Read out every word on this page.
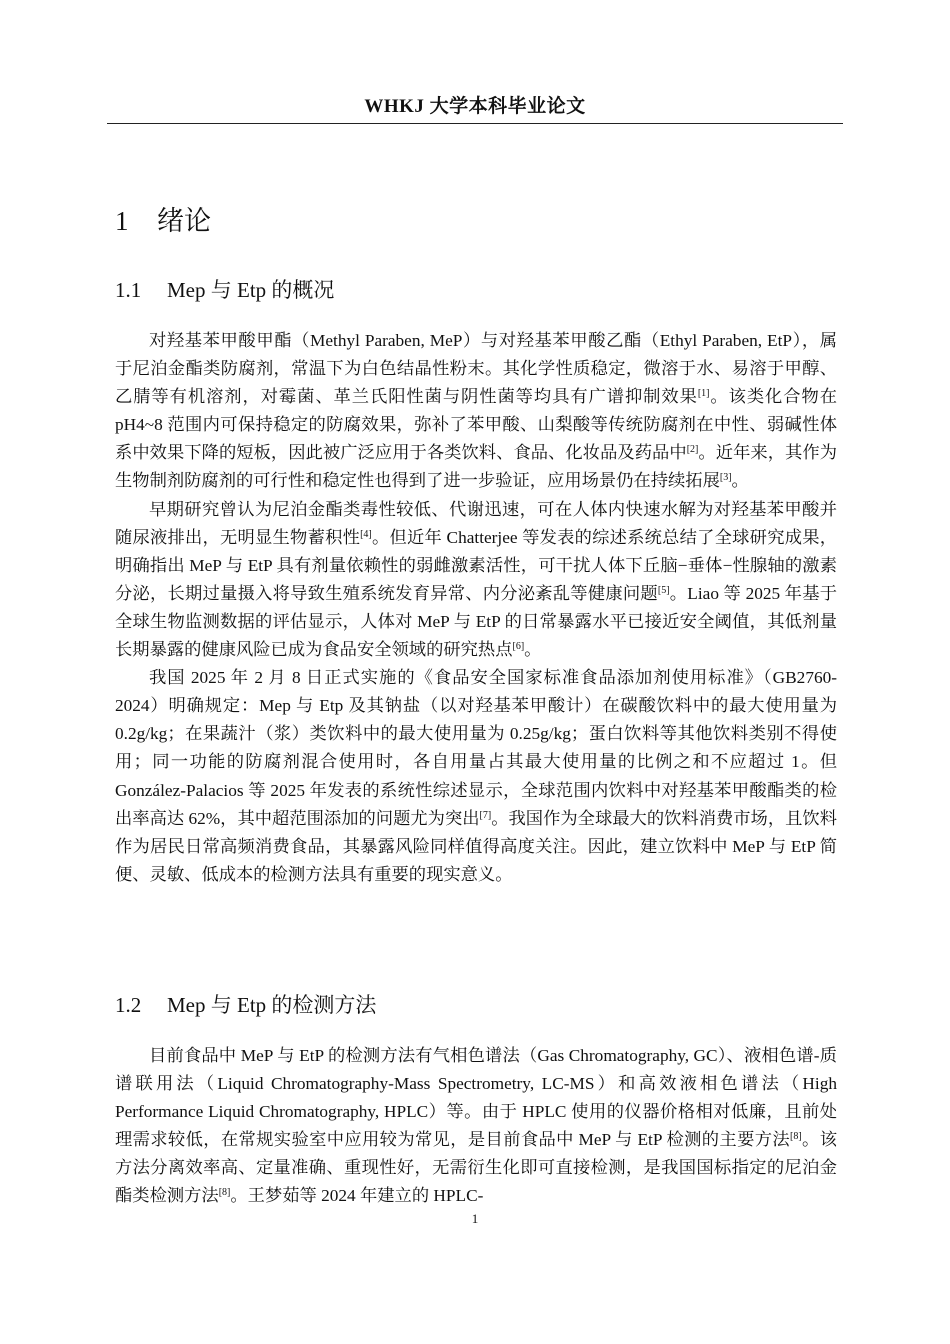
WHKJ 大学本科毕业论文
1 绪论
1.1 Mep 与 Etp 的概况

对羟基苯甲酸甲酯（Methyl Paraben, MeP）与对羟基苯甲酸乙酯（Ethyl Paraben, EtP），属于尼泊金酯类防腐剂，常温下为白色结晶性粉末。其化学性质稳定，微溶于水、易溶于甲醇、乙腈等有机溶剂，对霉菌、革兰氏阳性菌与阴性菌等均具有广谱抑制效果[1]。该类化合物在 pH4~8 范围内可保持稳定的防腐效果，弥补了苯甲酸、山梨酸等传统防腐剂在中性、弱碱性体系中效果下降的短板，因此被广泛应用于各类饮料、食品、化妆品及药品中[2]。近年来，其作为生物制剂防腐剂的可行性和稳定性也得到了进一步验证，应用场景仍在持续拓展[3]。

早期研究曾认为尼泊金酯类毒性较低、代谢迅速，可在人体内快速水解为对羟基苯甲酸并随尿液排出，无明显生物蓄积性[4]。但近年 Chatterjee 等发表的综述系统总结了全球研究成果，明确指出 MeP 与 EtP 具有剂量依赖性的弱雌激素活性，可干扰人体下丘脑−垂体−性腺轴的激素分泌，长期过量摄入将导致生殖系统发育异常、内分泌紊乱等健康问题[5]。Liao 等 2025 年基于全球生物监测数据的评估显示，人体对 MeP 与 EtP 的日常暴露水平已接近安全阈值，其低剂量长期暴露的健康风险已成为食品安全领域的研究热点[6]。

我国 2025 年 2 月 8 日正式实施的《食品安全国家标准食品添加剂使用标准》（GB2760-2024）明确规定：Mep 与 Etp 及其钠盐（以对羟基苯甲酸计）在碳酸饮料中的最大使用量为 0.2g/kg；在果蔬汁（浆）类饮料中的最大使用量为 0.25g/kg；蛋白饮料等其他饮料类别不得使用；同一功能的防腐剂混合使用时，各自用量占其最大使用量的比例之和不应超过 1。但 González-Palacios 等 2025 年发表的系统性综述显示，全球范围内饮料中对羟基苯甲酸酯类的检出率高达 62%，其中超范围添加的问题尤为突出[7]。我国作为全球最大的饮料消费市场，且饮料作为居民日常高频消费食品，其暴露风险同样值得高度关注。因此，建立饮料中 MeP 与 EtP 简便、灵敏、低成本的检测方法具有重要的现实意义。

1.2 Mep 与 Etp 的检测方法

目前食品中 MeP 与 EtP 的检测方法有气相色谱法（Gas Chromatography, GC）、液相色谱-质谱联用法（Liquid Chromatography-Mass Spectrometry, LC-MS）和高效液相色谱法（High Performance Liquid Chromatography, HPLC）等。由于 HPLC 使用的仪器价格相对低廉，且前处理需求较低，在常规实验室中应用较为常见，是目前食品中 MeP 与 EtP 检测的主要方法[8]。该方法分离效率高、定量准确、重现性好，无需衍生化即可直接检测，是我国国标指定的尼泊金酯类检测方法[8]。王梦茹等 2024 年建立的 HPLC-

1
